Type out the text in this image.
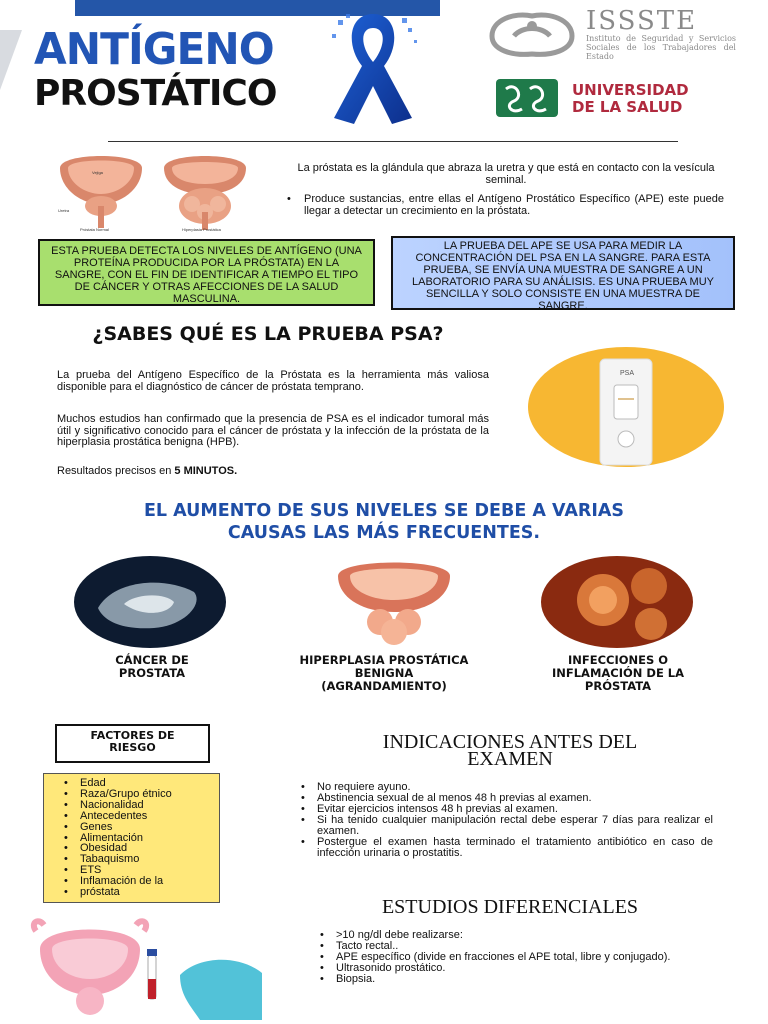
ANTÍGENO
PROSTÁTICO
ISSSTE
Instituto de Seguridad y Servicios Sociales de los Trabajadores del Estado
UNIVERSIDAD
DE LA SALUD
Vejiga
Uretra
Próstata Normal	Hiperplasia Prostática
La próstata es la glándula que abraza la uretra y que está en contacto con la vesícula seminal.
• Produce sustancias, entre ellas el Antígeno Prostático Específico (APE) este puede llegar a detectar un crecimiento en la próstata.
ESTA PRUEBA DETECTA LOS NIVELES DE ANTÍGENO (UNA PROTEÍNA PRODUCIDA POR LA PRÓSTATA) EN LA SANGRE, CON EL FIN DE IDENTIFICAR A TIEMPO EL TIPO DE CÁNCER Y OTRAS AFECCIONES DE LA SALUD MASCULINA.
LA PRUEBA DEL APE SE USA PARA MEDIR LA CONCENTRACIÓN DEL PSA EN LA SANGRE. PARA ESTA PRUEBA, SE ENVÍA UNA MUESTRA DE SANGRE A UN LABORATORIO PARA SU ANÁLISIS. ES UNA PRUEBA MUY SENCILLA Y SOLO CONSISTE EN UNA MUESTRA DE SANGRE.
¿SABES QUÉ ES LA PRUEBA PSA?
La prueba del Antígeno Específico de la Próstata es la herramienta más valiosa disponible para el diagnóstico de cáncer de próstata temprano.
Muchos estudios han confirmado que la presencia de PSA es el indicador tumoral más útil y significativo conocido para el cáncer de próstata y la infección de la próstata de la hiperplasia prostática benigna (HPB).
Resultados precisos en 5 MINUTOS.
PSA
EL AUMENTO DE SUS NIVELES SE DEBE A VARIAS CAUSAS LAS MÁS FRECUENTES.
CÁNCER DE
PROSTATA
HIPERPLASIA PROSTÁTICA
BENIGNA
(AGRANDAMIENTO)
INFECCIONES O
INFLAMACIÓN DE LA
PRÓSTATA
FACTORES DE
RIESGO
• Edad
• Raza/Grupo étnico
• Nacionalidad
• Antecedentes
• Genes
• Alimentación
• Obesidad
• Tabaquismo
• ETS
• Inflamación de la
• próstata
INDICACIONES ANTES DEL
EXAMEN
• No requiere ayuno.
• Abstinencia sexual de al menos 48 h previas al examen.
• Evitar ejercicios intensos 48 h previas al examen.
• Si ha tenido cualquier manipulación rectal debe esperar 7 días para realizar el examen.
• Postergue el examen hasta terminado el tratamiento antibiótico en caso de infección urinaria o prostatitis.
ESTUDIOS DIFERENCIALES
• >10 ng/dl debe realizarse:
• Tacto rectal..
• APE específico (divide en fracciones el APE total, libre y conjugado).
• Ultrasonido prostático.
• Biopsia.
